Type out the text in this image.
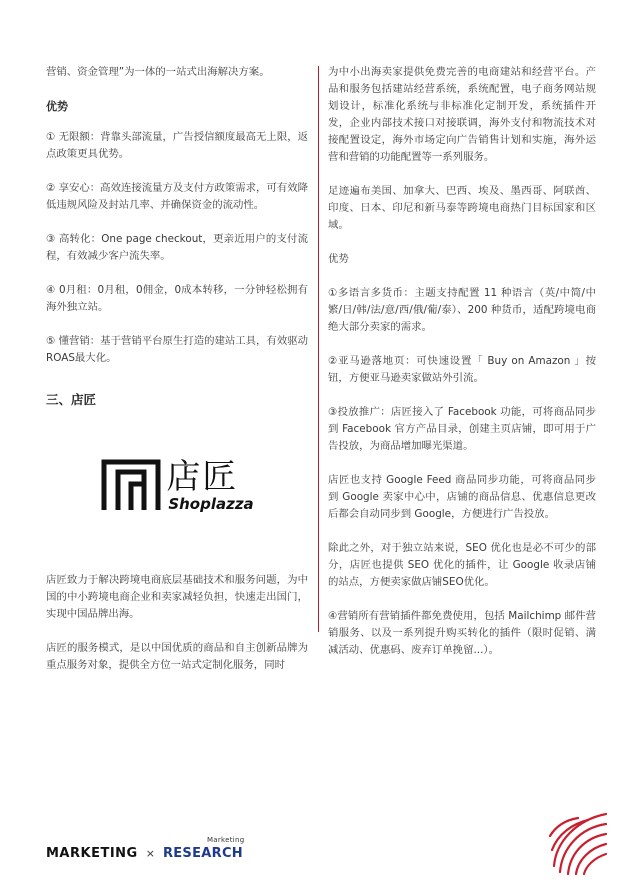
营销、资金管理”为一体的一站式出海解决方案。

优势

① 无限额：背靠头部流量，广告授信额度最高无上限，返点政策更具优势。

② 享安心：高效连接流量方及支付方政策需求，可有效降低违规风险及封站几率、并确保资金的流动性。

③ 高转化：One page checkout，更亲近用户的支付流程，有效减少客户流失率。

④ 0月租：0月租，0佣金，0成本转移，一分钟轻松拥有海外独立站。

⑤ 懂营销：基于营销平台原生打造的建站工具，有效驱动ROAS最大化。

三、店匠

店匠
Shoplazza

店匠致力于解决跨境电商底层基础技术和服务问题，为中国的中小跨境电商企业和卖家减轻负担，快速走出国门，实现中国品牌出海。

店匠的服务模式，是以中国优质的商品和自主创新品牌为重点服务对象，提供全方位一站式定制化服务，同时

为中小出海卖家提供免费完善的电商建站和经营平台。产品和服务包括建站经营系统，系统配置，电子商务网站规划设计，标准化系统与非标准化定制开发，系统插件开发，企业内部技术接口对接联调，海外支付和物流技术对接配置设定，海外市场定向广告销售计划和实施，海外运营和营销的功能配置等一系列服务。

足迹遍布美国、加拿大、巴西、埃及、墨西哥、阿联酋、印度、日本、印尼和新马泰等跨境电商热门目标国家和区域。

优势

①多语言多货币：主题支持配置 11 种语言（英/中简/中繁/日/韩/法/意/西/俄/葡/泰）、200 种货币，适配跨境电商绝大部分卖家的需求。

②亚马逊落地页：可快速设置「 Buy on Amazon 」按钮，方便亚马逊卖家做站外引流。

③投放推广：店匠接入了 Facebook 功能，可将商品同步到 Facebook 官方产品目录，创建主页店铺，即可用于广告投放，为商品增加曝光渠道。

店匠也支持 Google Feed 商品同步功能，可将商品同步到 Google 卖家中心中，店铺的商品信息、优惠信息更改后都会自动同步到 Google，方便进行广告投放。

除此之外，对于独立站来说，SEO 优化也是必不可少的部分，店匠也提供 SEO 优化的插件，让 Google 收录店铺的站点，方便卖家做店铺SEO优化。

④营销所有营销插件都免费使用，包括 Mailchimp 邮件营销服务、以及一系列提升购买转化的插件（限时促销、满减活动、优惠码、废弃订单挽留...）。

MARKETING ×
Marketing
RESEARCH
